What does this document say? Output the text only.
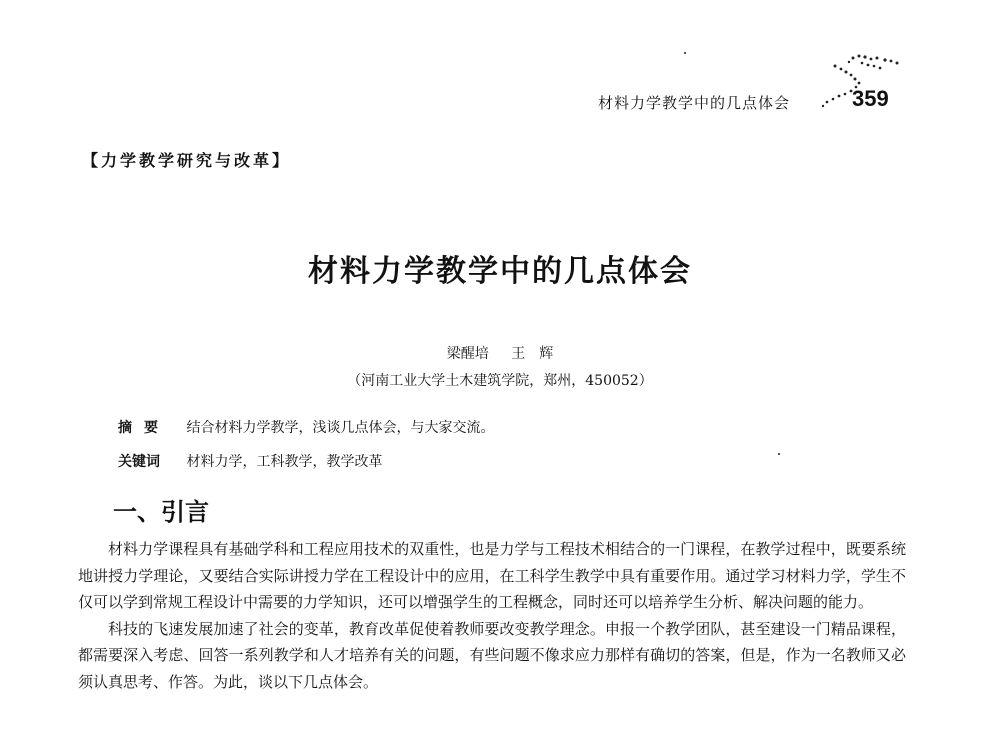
材料力学教学中的几点体会	359
【力学教学研究与改革】
材料力学教学中的几点体会
梁醒培 王　辉
（河南工业大学土木建筑学院，郑州，450052）
摘要 结合材料力学教学，浅谈几点体会，与大家交流。
关键词 材料力学，工科教学，教学改革
一、引言

材料力学课程具有基础学科和工程应用技术的双重性，也是力学与工程技术相结合的一门课程，在教学过程中，既要系统地讲授力学理论，又要结合实际讲授力学在工程设计中的应用，在工科学生教学中具有重要作用。通过学习材料力学，学生不仅可以学到常规工程设计中需要的力学知识，还可以增强学生的工程概念，同时还可以培养学生分析、解决问题的能力。

科技的飞速发展加速了社会的变革，教育改革促使着教师要改变教学理念。申报一个教学团队，甚至建设一门精品课程，都需要深入考虑、回答一系列教学和人才培养有关的问题，有些问题不像求应力那样有确切的答案，但是，作为一名教师又必须认真思考、作答。为此，谈以下几点体会。
